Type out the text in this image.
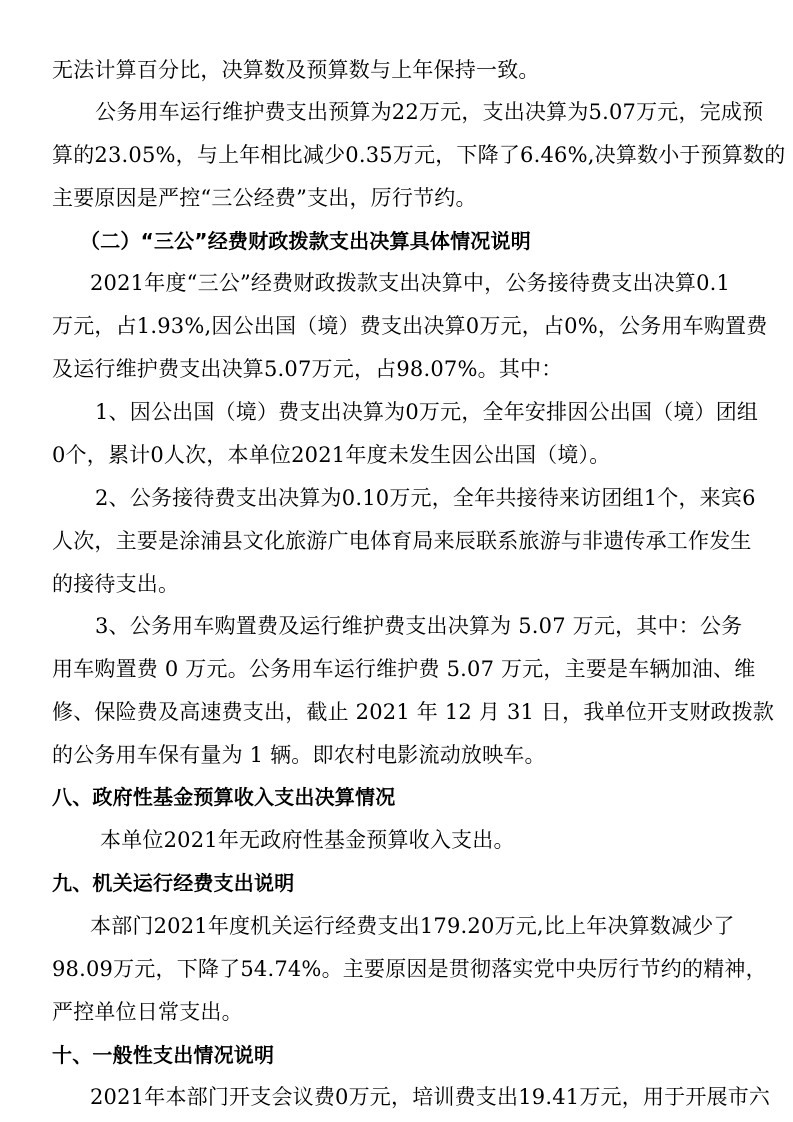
无法计算百分比，决算数及预算数与上年保持一致。
公务用车运行维护费支出预算为22万元，支出决算为5.07万元，完成预
算的23.05%，与上年相比减少0.35万元，下降了6.46%,决算数小于预算数的
主要原因是严控“三公经费”支出，厉行节约。
（二）“三公”经费财政拨款支出决算具体情况说明
2021年度“三公”经费财政拨款支出决算中，公务接待费支出决算0.1
万元，占1.93%,因公出国（境）费支出决算0万元，占0%，公务用车购置费
及运行维护费支出决算5.07万元，占98.07%。其中：
1、因公出国（境）费支出决算为0万元，全年安排因公出国（境）团组
0个，累计0人次，本单位2021年度未发生因公出国（境）。
2、公务接待费支出决算为0.10万元，全年共接待来访团组1个，来宾6
人次，主要是涂浦县文化旅游广电体育局来辰联系旅游与非遗传承工作发生
的接待支出。
3、公务用车购置费及运行维护费支出决算为 5.07 万元，其中：公务
用车购置费 0 万元。公务用车运行维护费 5.07 万元，主要是车辆加油、维
修、保险费及高速费支出，截止 2021 年 12 月 31 日，我单位开支财政拨款
的公务用车保有量为 1 辆。即农村电影流动放映车。
八、政府性基金预算收入支出决算情况
本单位2021年无政府性基金预算收入支出。
九、机关运行经费支出说明
本部门2021年度机关运行经费支出179.20万元,比上年决算数减少了
98.09万元，下降了54.74%。主要原因是贯彻落实党中央厉行节约的精神，
严控单位日常支出。
十、一般性支出情况说明
2021年本部门开支会议费0万元，培训费支出19.41万元，用于开展市六
